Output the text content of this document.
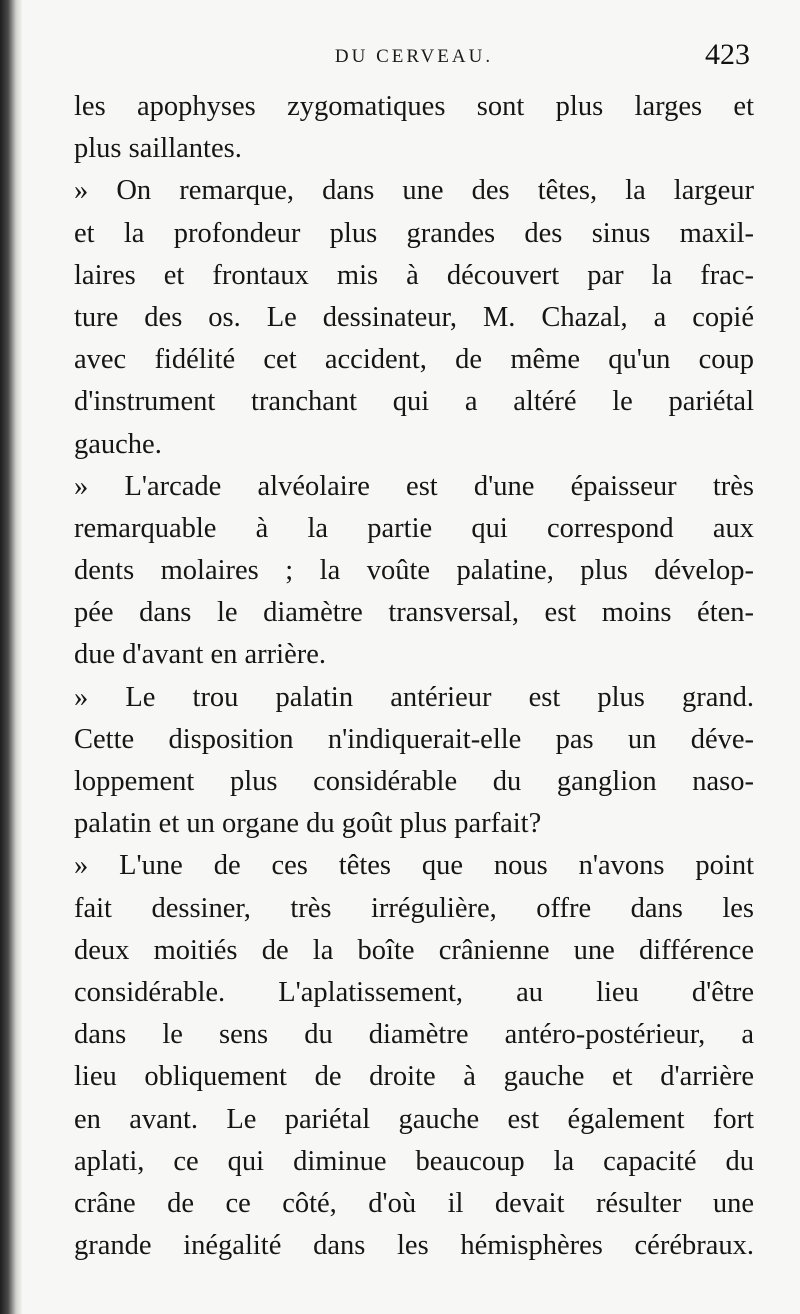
DU CERVEAU.	423
les apophyses zygomatiques sont plus larges et
plus saillantes.
» On remarque, dans une des têtes, la largeur
et la profondeur plus grandes des sinus maxil-
laires et frontaux mis à découvert par la frac-
ture des os. Le dessinateur, M. Chazal, a copié
avec fidélité cet accident, de même qu'un coup
d'instrument tranchant qui a altéré le pariétal
gauche.
» L'arcade alvéolaire est d'une épaisseur très
remarquable à la partie qui correspond aux
dents molaires ; la voûte palatine, plus dévelop-
pée dans le diamètre transversal, est moins éten-
due d'avant en arrière.
» Le trou palatin antérieur est plus grand.
Cette disposition n'indiquerait-elle pas un déve-
loppement plus considérable du ganglion naso-
palatin et un organe du goût plus parfait?
» L'une de ces têtes que nous n'avons point
fait dessiner, très irrégulière, offre dans les
deux moitiés de la boîte crânienne une différence
considérable. L'aplatissement, au lieu d'être
dans le sens du diamètre antéro-postérieur, a
lieu obliquement de droite à gauche et d'arrière
en avant. Le pariétal gauche est également fort
aplati, ce qui diminue beaucoup la capacité du
crâne de ce côté, d'où il devait résulter une
grande inégalité dans les hémisphères cérébraux.
